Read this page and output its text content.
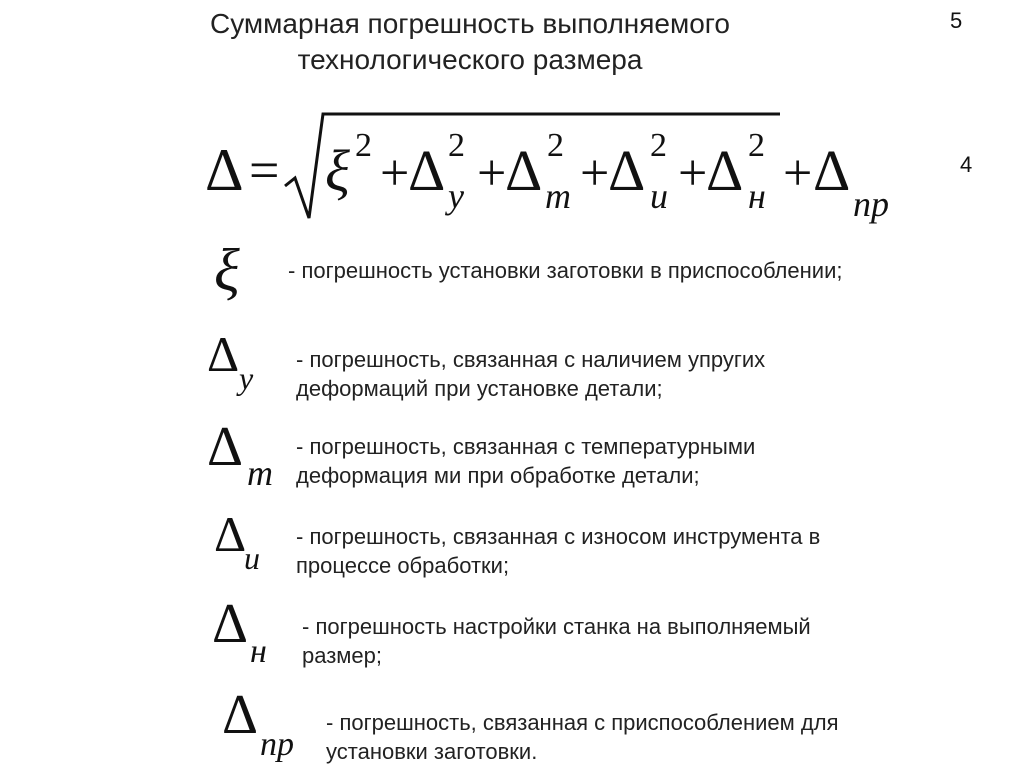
Суммарная погрешность выполняемого
технологического размера
5
4
Δ = ξ 2 +
Δ 2
у +
Δ 2
т +
Δ 2
и +
Δ 2
н + Δ
пр
ξ - погрешность установки заготовки в приспособлении;
Δ у
- погрешность, связанная с наличием упругих
деформаций при установке детали;
Δ т
- погрешность, связанная с температурными
деформация ми при обработке детали;
Δ
и
- погрешность, связанная с износом инструмента в
процессе обработки;
Δ н
- погрешность настройки станка на выполняемый
размер;
Δ пр
- погрешность, связанная с приспособлением для
установки заготовки.
